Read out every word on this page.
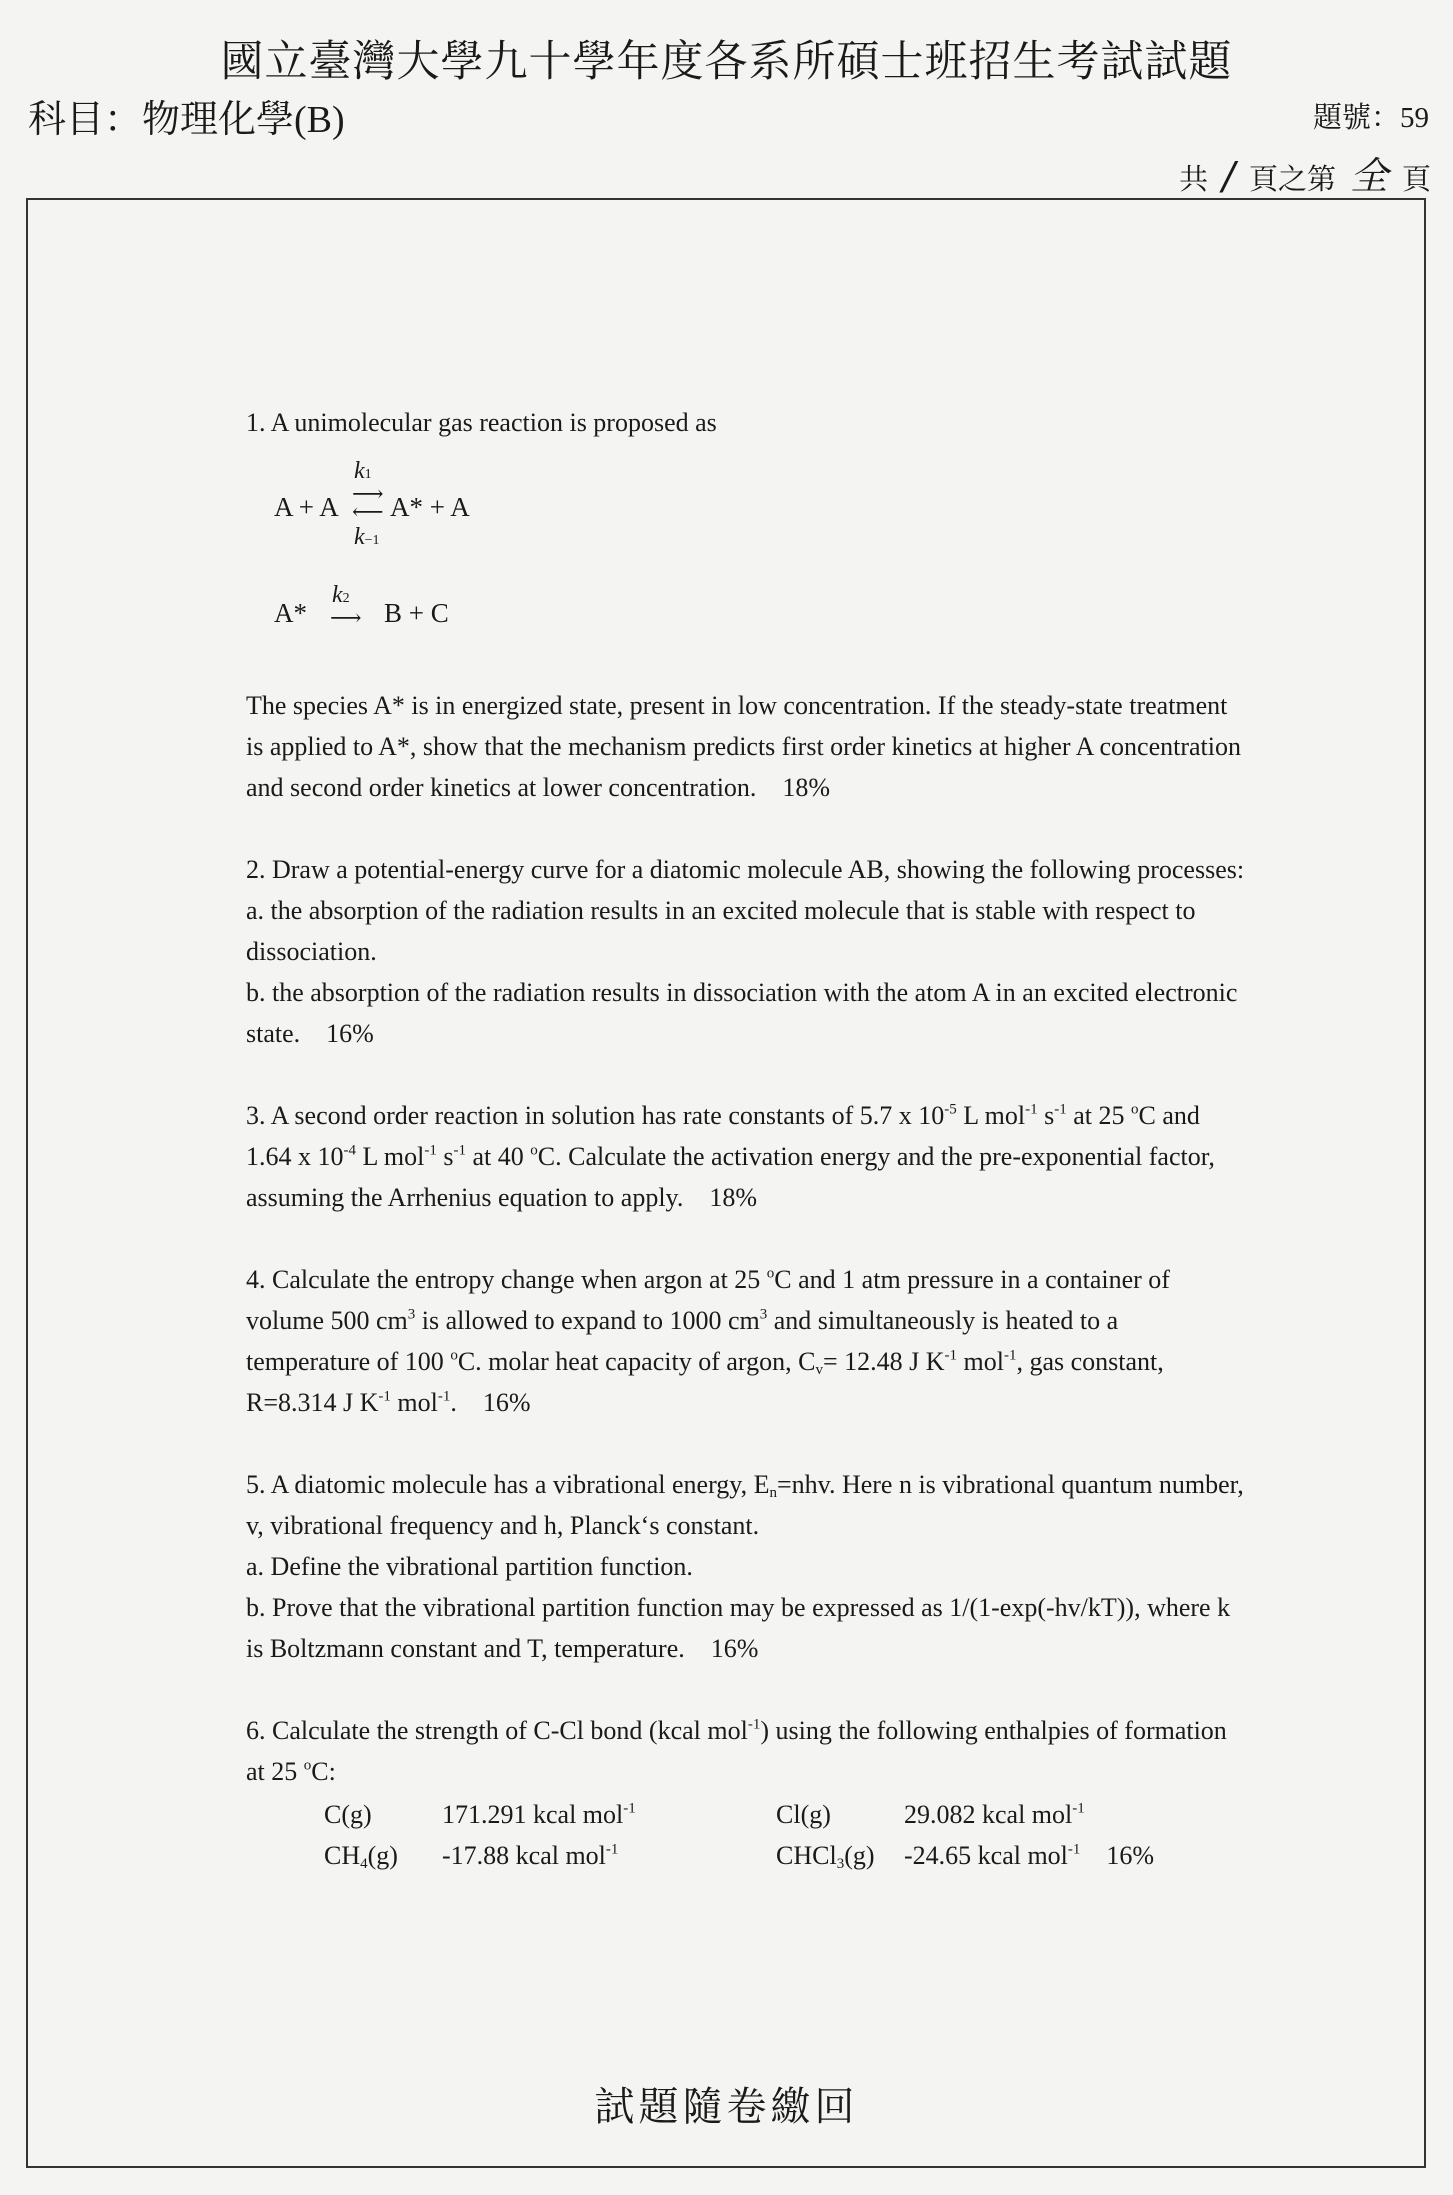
國立臺灣大學九十學年度各系所碩士班招生考試試題
科目：物理化學(B)	題號：59
共 / 頁之第 全 頁

1. A unimolecular gas reaction is proposed as

A + A
k1
⟶
⟵
k−1
A* + A
A*
k2
⟶ B + C

The species A* is in energized state, present in low concentration. If the steady-state treatment is applied to A*, show that the mechanism predicts first order kinetics at higher A concentration and second order kinetics at lower concentration. 18%

2. Draw a potential-energy curve for a diatomic molecule AB, showing the following processes:

a. the absorption of the radiation results in an excited molecule that is stable with respect to dissociation.

b. the absorption of the radiation results in dissociation with the atom A in an excited electronic state. 16%

3. A second order reaction in solution has rate constants of 5.7 x $10^{-5}$ L mol$^{-1}$ $s^{-1}$ at 25 $^o$C and 1.64 x $10^{-4}$ L mol$^{-1}$ $s^{-1}$ at 40 $^o$C. Calculate the activation energy and the pre-exponential factor, assuming the Arrhenius equation to apply. 18%

4. Calculate the entropy change when argon at 25 $^o$C and 1 atm pressure in a container of volume 500 $cm^3$ is allowed to expand to 1000 $cm^3$ and simultaneously is heated to a temperature of 100 $^o$C. molar heat capacity of argon, $C_v= 12.48$ J $K^{-1}$ mol$^{-1}$, gas constant, R=8.314 J $K^{-1}$ mol$^{-1}$. 16%

5. A diatomic molecule has a vibrational energy, $E_n=nhv$. Here n is vibrational quantum number, v, vibrational frequency and h, Planck‘s constant.

a. Define the vibrational partition function.

b. Prove that the vibrational partition function may be expressed as 1/(1-exp(-hv/kT)), where k is Boltzmann constant and T, temperature. 16%

6. Calculate the strength of C-Cl bond (kcal mol$^{-1}$) using the following enthalpies of formation at 25 $^o$C:

C(g)	171.291 kcal mol$^{-1}$	Cl(g)	29.082 kcal mol$^{-1}$
$CH_4(g)$	-17.88 kcal mol$^{-1}$	CHCl$_3$(g)	-24.65 kcal mol$^{-1}$ 16%
試題隨卷繳回
